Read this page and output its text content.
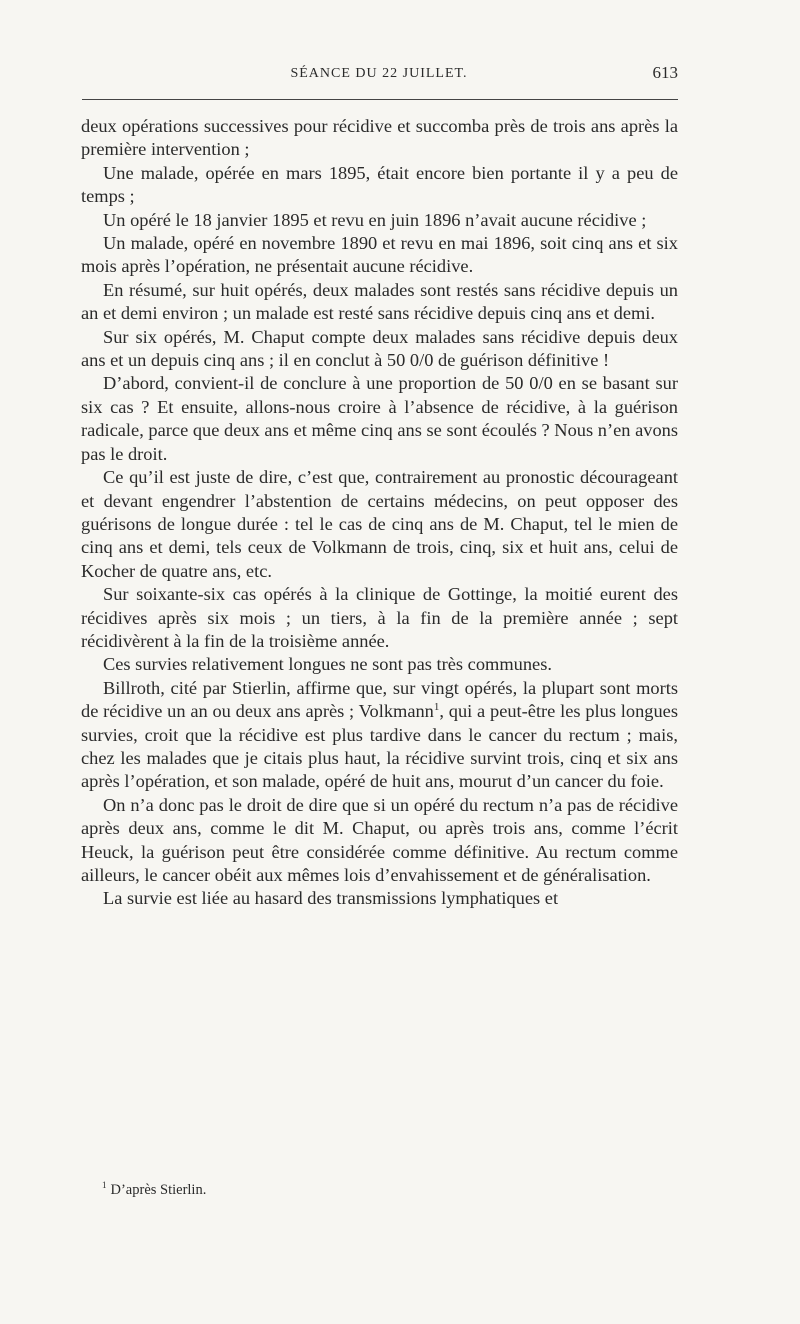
SÉANCE DU 22 JUILLET.	613

deux opérations successives pour récidive et succomba près de trois ans après la première intervention ;

Une malade, opérée en mars 1895, était encore bien portante il y a peu de temps ;

Un opéré le 18 janvier 1895 et revu en juin 1896 n’avait aucune récidive ;

Un malade, opéré en novembre 1890 et revu en mai 1896, soit cinq ans et six mois après l’opération, ne présentait aucune récidive.

En résumé, sur huit opérés, deux malades sont restés sans récidive depuis un an et demi environ ; un malade est resté sans récidive depuis cinq ans et demi.

Sur six opérés, M. Chaput compte deux malades sans récidive depuis deux ans et un depuis cinq ans ; il en conclut à 50 0/0 de guérison définitive !

D’abord, convient-il de conclure à une proportion de 50 0/0 en se basant sur six cas ? Et ensuite, allons-nous croire à l’absence de récidive, à la guérison radicale, parce que deux ans et même cinq ans se sont écoulés ? Nous n’en avons pas le droit.

Ce qu’il est juste de dire, c’est que, contrairement au pronostic décourageant et devant engendrer l’abstention de certains médecins, on peut opposer des guérisons de longue durée : tel le cas de cinq ans de M. Chaput, tel le mien de cinq ans et demi, tels ceux de Volkmann de trois, cinq, six et huit ans, celui de Kocher de quatre ans, etc.

Sur soixante-six cas opérés à la clinique de Gottinge, la moitié eurent des récidives après six mois ; un tiers, à la fin de la première année ; sept récidivèrent à la fin de la troisième année.

Ces survies relativement longues ne sont pas très communes.

Billroth, cité par Stierlin, affirme que, sur vingt opérés, la plupart sont morts de récidive un an ou deux ans après ; Volkmann$^1$, qui a peut-être les plus longues survies, croit que la récidive est plus tardive dans le cancer du rectum ; mais, chez les malades que je citais plus haut, la récidive survint trois, cinq et six ans après l’opération, et son malade, opéré de huit ans, mourut d’un cancer du foie.

On n’a donc pas le droit de dire que si un opéré du rectum n’a pas de récidive après deux ans, comme le dit M. Chaput, ou après trois ans, comme l’écrit Heuck, la guérison peut être considérée comme définitive. Au rectum comme ailleurs, le cancer obéit aux mêmes lois d’envahissement et de généralisation.

La survie est liée au hasard des transmissions lymphatiques et

$^1$ D’après Stierlin.
